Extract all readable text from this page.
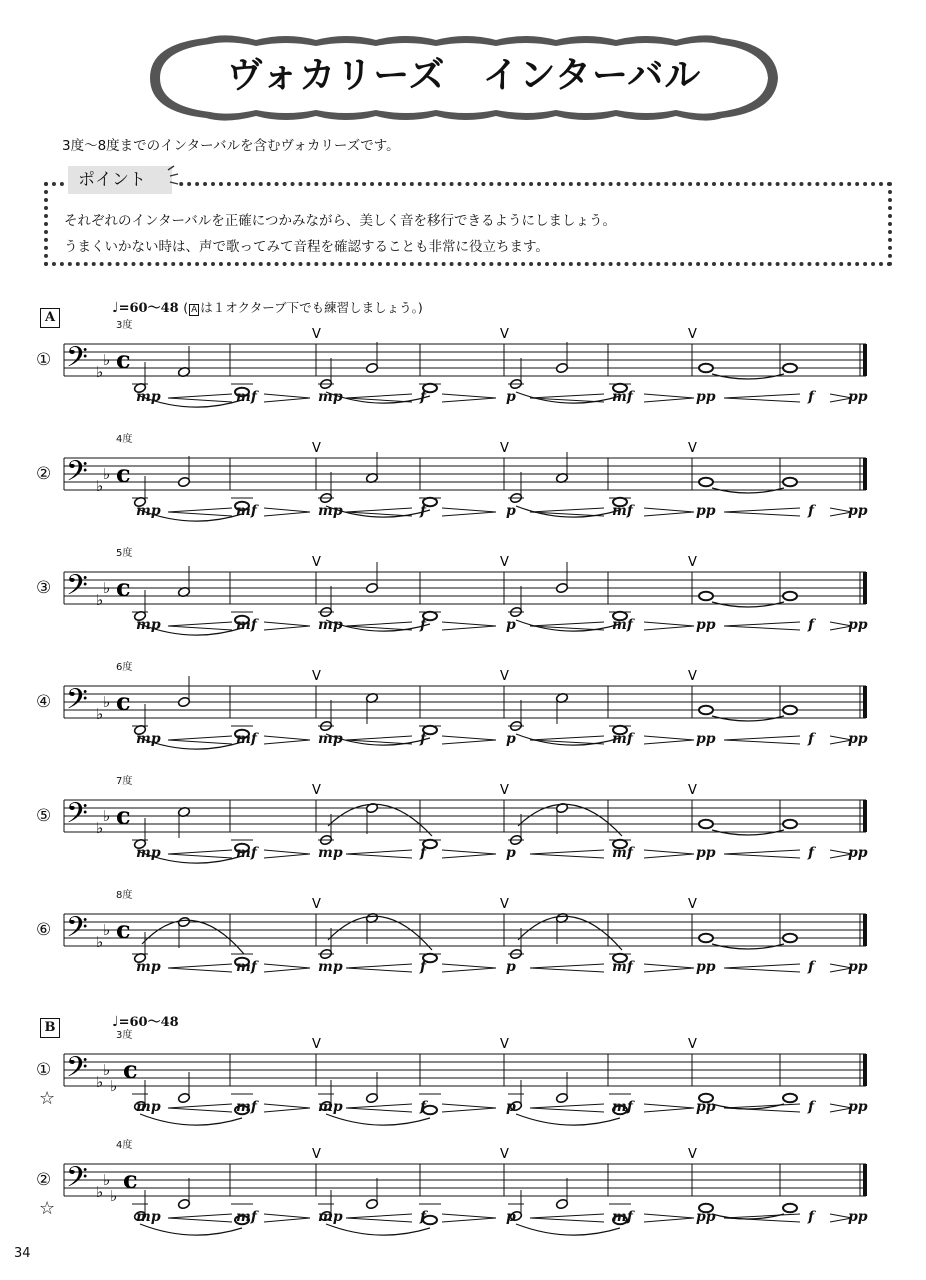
ヴォカリーズ　インターバル
3度～8度までのインターバルを含むヴォカリーズです。
ポイント
それぞれのインターバルを正確につかみながら、美しく音を移行できるようにしましょう。
うまくいかない時は、声で歌ってみて音程を確認することも非常に役立ちます。
A
♩=60～48 ( A は１オクターブ下でも練習しましょう。)
B	♩=60～48
𝄢 ♭
♭ c
V	V	V
𝄢 ♭
♭ c
V	V	V
𝄢 ♭
♭ c
V	V	V
𝄢 ♭
♭ c
V	V	V
𝄢 ♭
♭ c
V	V	V
𝄢 ♭
♭ c
V	V	V
𝄢 ♭
♭
♭
c
V	V	V
𝄢 ♭
♭
♭
c
V	V	V
34
mp	mf	mp	f	p	mf	pp	f pp
①
3度
mp	mf	mp	f	p	mf	pp	f pp
②
4度
mp	mf	mp	f	p	mf	pp	f pp
③
5度
mp	mf	mp	f	p	mf	pp	f pp
④
6度
mp	mf	mp	f	p	mf	pp	f pp
⑤
7度
mp	mf	mp	f	p	mf	pp	f pp
⑥
8度
mp	mf	mp	f	p	mf	pp	f pp
①
3度
☆
mp	mf	mp	f	p	mf	pp	f pp
②
4度
☆
